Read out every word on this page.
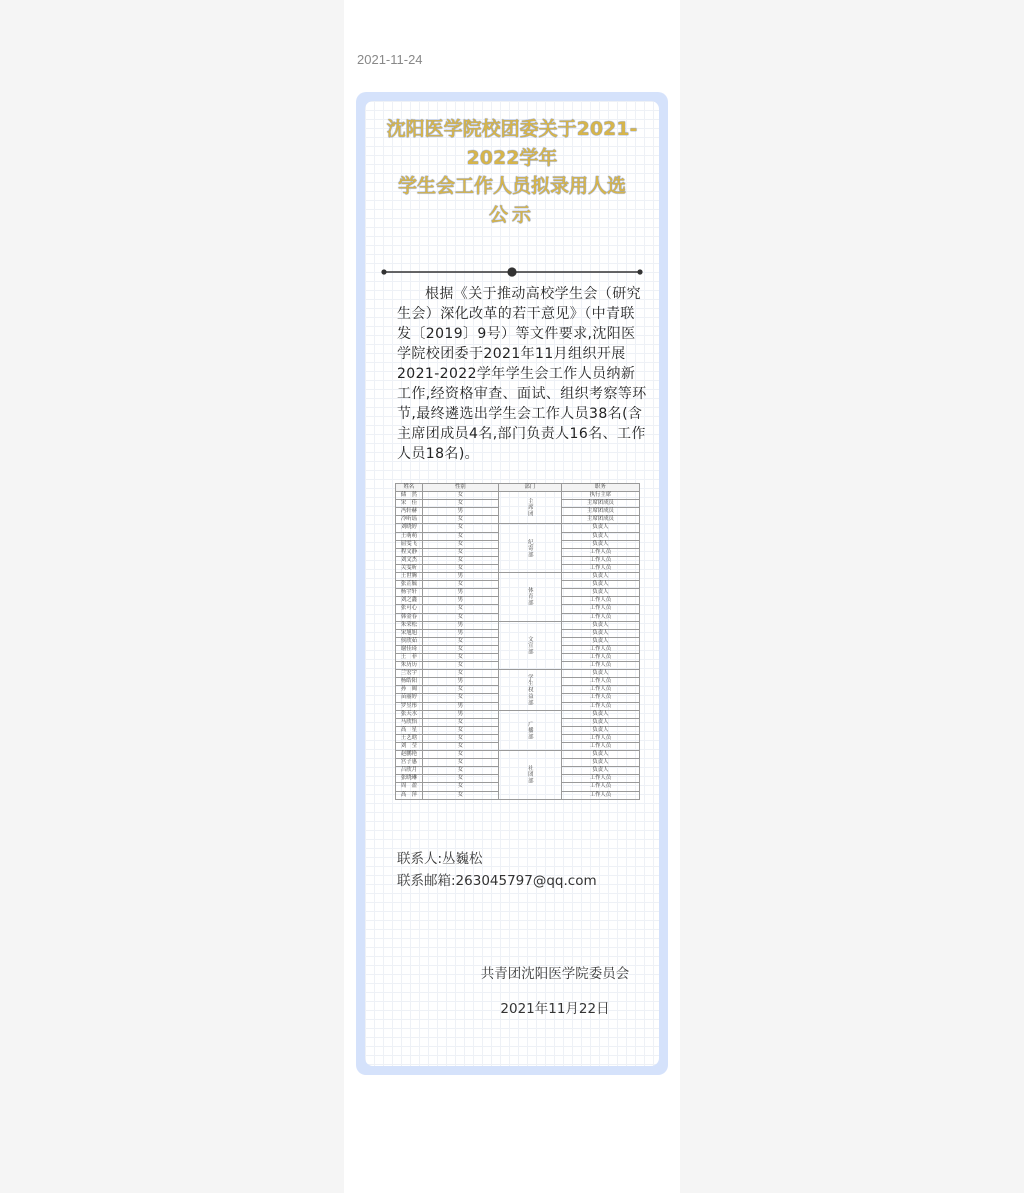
2021-11-24
沈阳医学院校团委关于2021-
2022学年
学生会工作人员拟录用人选
公示
根据《关于推动高校学生会（研究生会）深化改革的若干意见》（中青联发〔2019〕9号）等文件要求,沈阳医学院校团委于2021年11月组织开展2021-2022学年学生会工作人员纳新工作,经资格审查、面试、组织考察等环节,最终遴选出学生会工作人员38名(含主席团成员4名,部门负责人16名、工作人员18名)。
姓名	性别	部门	职务
储　然	女	主席团	执行主席
宋　佳	女		主席团成员
冯轩赫	男		主席团成员
冷昕谣	女		主席团成员
刘晓婷	女	纪寄部	负责人
王萌萌	女		负责人
屈雯飞	女		负责人
程文静	女		工作人员
刘文杰	女		工作人员
关雯昕	女		工作人员
王世腾	男	体育部	负责人
张芷毓	女		负责人
杨宇轩	男		负责人
刘之鑫	男		工作人员
张可心	女		工作人员
韩金春	女		工作人员
朱荣松	男	文宣部	负责人
宋旭旭	男		负责人
侯欣茹	女		负责人
谢佳琦	女		工作人员
王　菲	女		工作人员
朱历历	女		工作人员
兰宏宇	女	学生权益部	负责人
杨皓阳	男		工作人员
孙　阔	女		工作人员
苗丽婷	女		工作人员
罗昱彤	男		工作人员
张天水	男	广播部	负责人
马欣怡	女		负责人
高　星	女		负责人
王艺晗	女		工作人员
刘　莹	女		工作人员
赵鹏艳	女	社团部	负责人
宫子惠	女		负责人
吕欣月	女		负责人
张晓琳	女		工作人员
周　盈	女		工作人员
高　萍	女		工作人员
联系人:丛巍松
联系邮箱:263045797@qq.com
共青团沈阳医学院委员会
2021年11月22日
